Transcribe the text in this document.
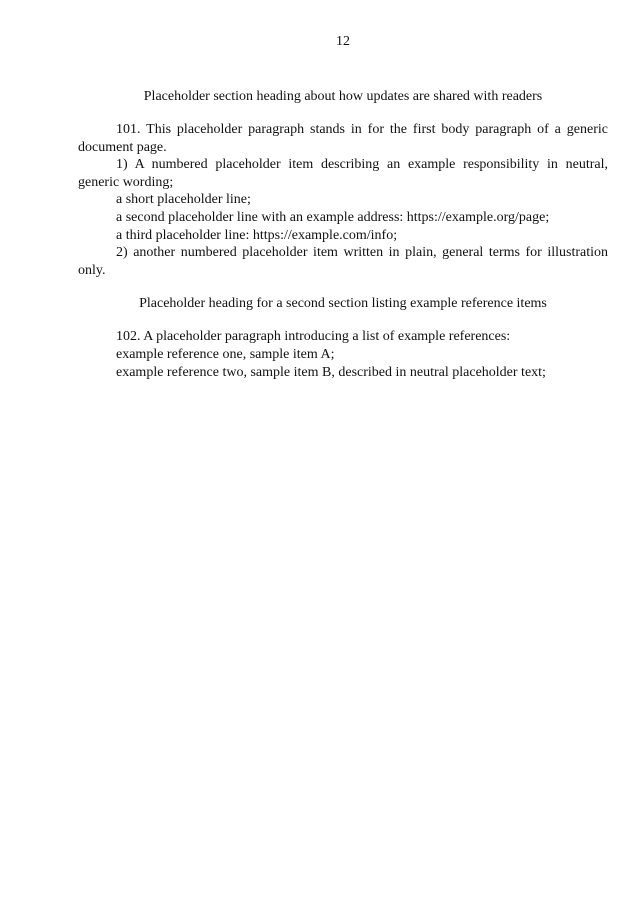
12
Placeholder section heading about how updates are shared with readers

101. This placeholder paragraph stands in for the first body paragraph of a generic document page.

1) A numbered placeholder item describing an example responsibility in neutral, generic wording;

a short placeholder line;

a second placeholder line with an example address: https://example.org/page;

a third placeholder line: https://example.com/info;

2) another numbered placeholder item written in plain, general terms for illustration only.

Placeholder heading for a second section listing example reference items

102. A placeholder paragraph introducing a list of example references:

example reference one, sample item A;

example reference two, sample item B, described in neutral placeholder text;
